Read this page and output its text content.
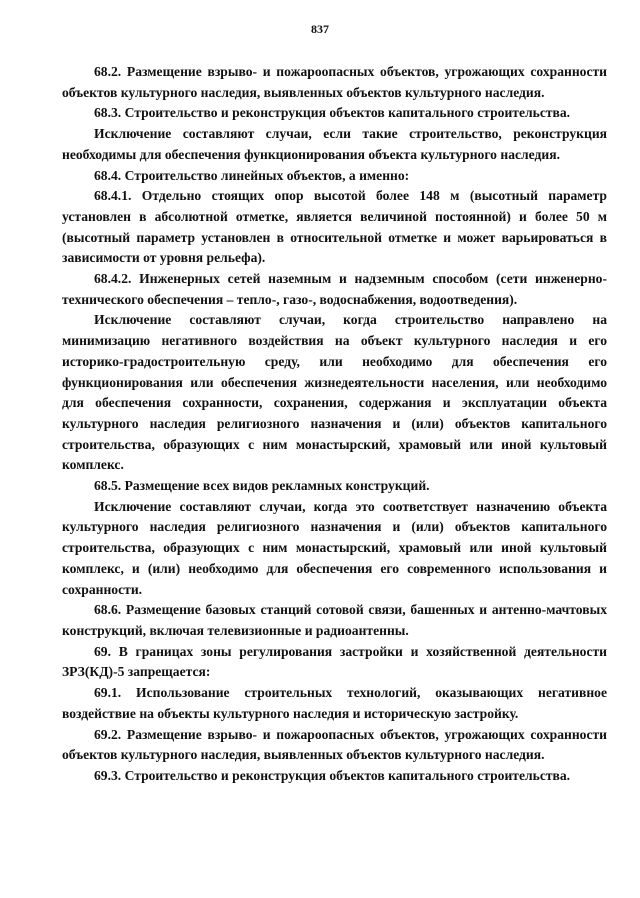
837

68.2. Размещение взрыво- и пожароопасных объектов, угрожающих сохранности объектов культурного наследия, выявленных объектов культурного наследия.

68.3. Строительство и реконструкция объектов капитального строительства.

Исключение составляют случаи, если такие строительство, реконструкция необходимы для обеспечения функционирования объекта культурного наследия.

68.4. Строительство линейных объектов, а именно:

68.4.1. Отдельно стоящих опор высотой более 148 м (высотный параметр установлен в абсолютной отметке, является величиной постоянной) и более 50 м (высотный параметр установлен в относительной отметке и может варьироваться в зависимости от уровня рельефа).

68.4.2. Инженерных сетей наземным и надземным способом (сети инженерно-технического обеспечения – тепло-, газо-, водоснабжения, водоотведения).

Исключение составляют случаи, когда строительство направлено на минимизацию негативного воздействия на объект культурного наследия и его историко-градостроительную среду, или необходимо для обеспечения его функционирования или обеспечения жизнедеятельности населения, или необходимо для обеспечения сохранности, сохранения, содержания и эксплуатации объекта культурного наследия религиозного назначения и (или) объектов капитального строительства, образующих с ним монастырский, храмовый или иной культовый комплекс.

68.5. Размещение всех видов рекламных конструкций.

Исключение составляют случаи, когда это соответствует назначению объекта культурного наследия религиозного назначения и (или) объектов капитального строительства, образующих с ним монастырский, храмовый или иной культовый комплекс, и (или) необходимо для обеспечения его современного использования и сохранности.

68.6. Размещение базовых станций сотовой связи, башенных и антенно-мачтовых конструкций, включая телевизионные и радиоантенны.

69. В границах зоны регулирования застройки и хозяйственной деятельности ЗРЗ(КД)-5 запрещается:

69.1. Использование строительных технологий, оказывающих негативное воздействие на объекты культурного наследия и историческую застройку.

69.2. Размещение взрыво- и пожароопасных объектов, угрожающих сохранности объектов культурного наследия, выявленных объектов культурного наследия.

69.3. Строительство и реконструкция объектов капитального строительства.
